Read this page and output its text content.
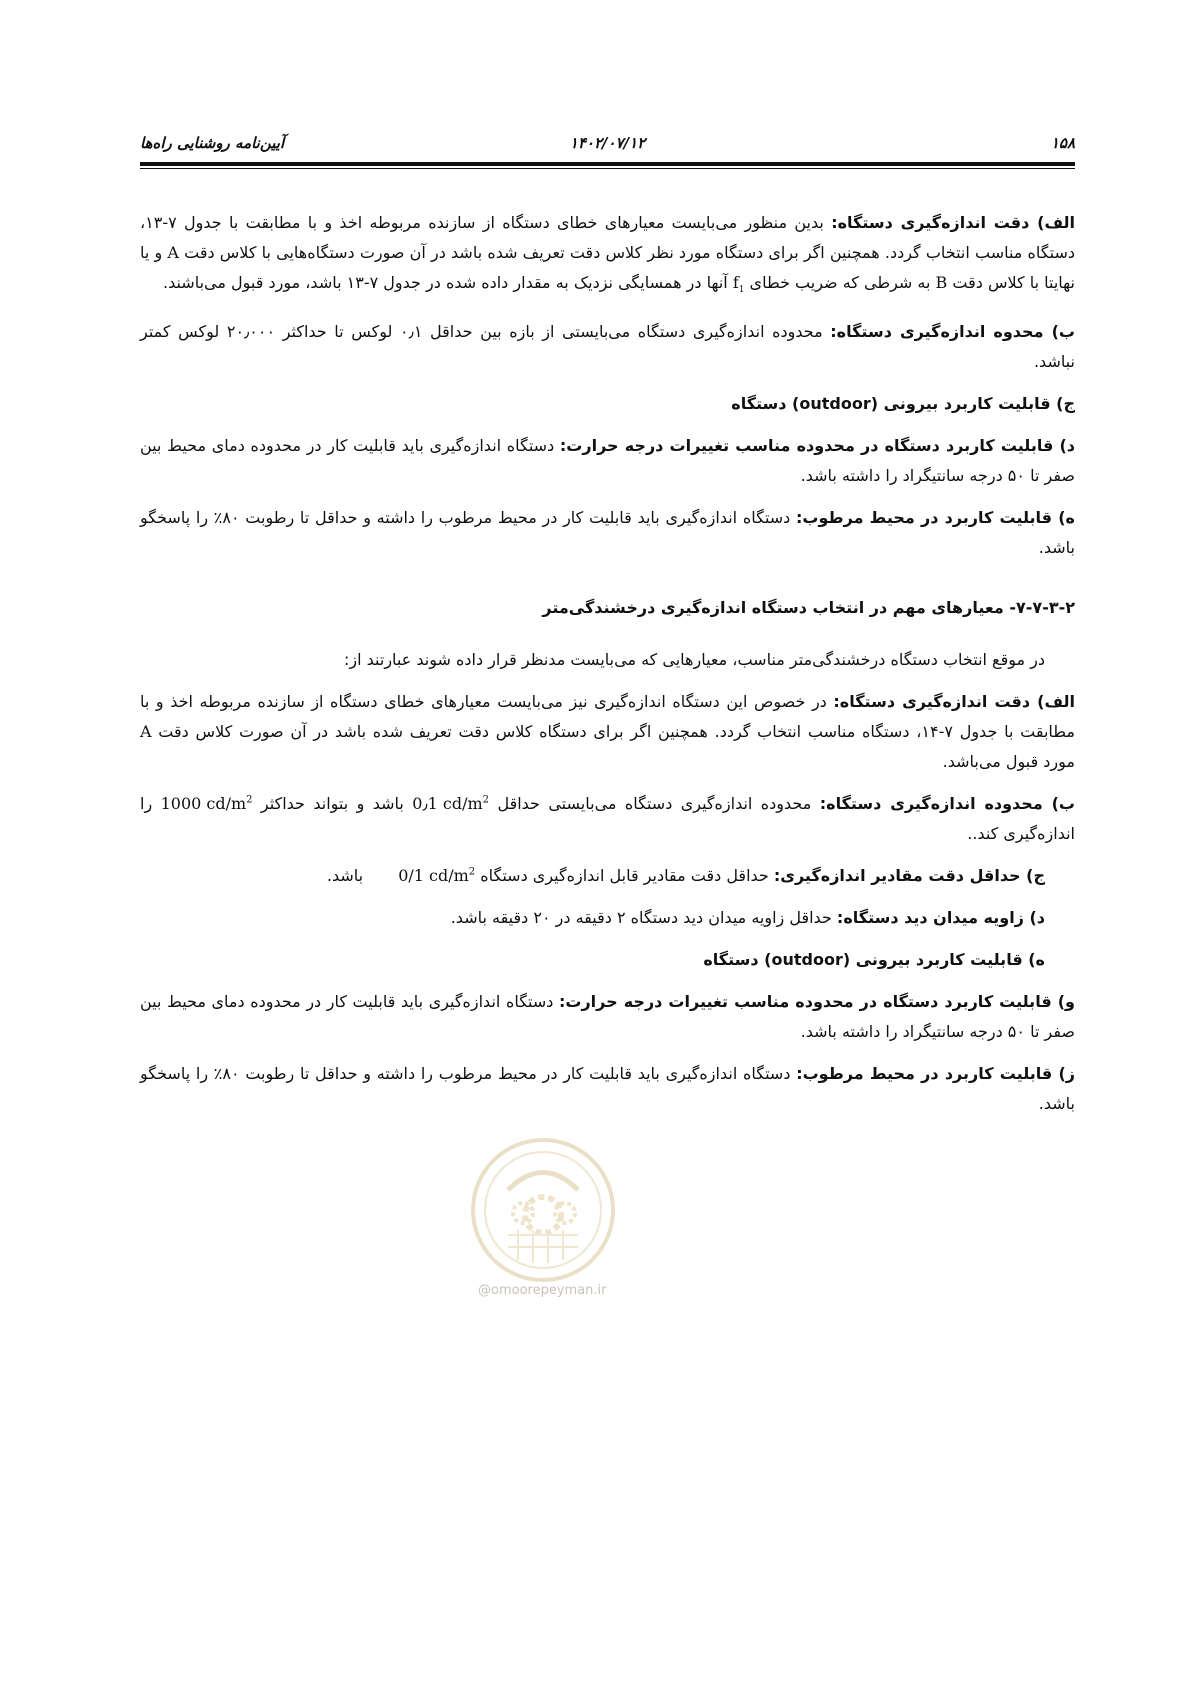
۱۵۸
۱۴۰۲/۰۷/۱۲
آیین‌نامه روشنایی راه‌ها

الف) دقت اندازه‌گیری دستگاه: بدین منظور می‌بایست معیارهای خطای دستگاه از سازنده مربوطه اخذ و با مطابقت با جدول ۷-۱۳، دستگاه مناسب انتخاب گردد. همچنین اگر برای دستگاه مورد نظر کلاس دقت تعریف شده باشد در آن صورت دستگاه‌هایی با کلاس دقت A و یا نهایتا با کلاس دقت B به شرطی که ضریب خطای $f_1$ آنها در همسایگی نزدیک به مقدار داده شده در جدول ۷-۱۳ باشد، مورد قبول می‌باشند.

ب) محدوه اندازه‌گیری دستگاه: محدوده اندازه‌گیری دستگاه می‌بایستی از بازه بین حداقل ۰٫۱ لوکس تا حداکثر ۲۰٫۰۰۰ لوکس کمتر نباشد.

ج) قابلیت کاربرد بیرونی (outdoor) دستگاه

د) قابلیت کاربرد دستگاه در محدوده مناسب تغییرات درجه حرارت: دستگاه اندازه‌گیری باید قابلیت کار در محدوده دمای محیط بین صفر تا ۵۰ درجه سانتیگراد را داشته باشد.

ه) قابلیت کاربرد در محیط مرطوب: دستگاه اندازه‌گیری باید قابلیت کار در محیط مرطوب را داشته و حداقل تا رطوبت ۸۰٪ را پاسخگو باشد.

۷-۷-۳-۲- معیارهای مهم در انتخاب دستگاه اندازه‌گیری درخشندگی‌متر

در موقع انتخاب دستگاه درخشندگی‌متر مناسب، معیارهایی که می‌بایست مدنظر قرار داده شوند عبارتند از:

الف) دقت اندازه‌گیری دستگاه: در خصوص این دستگاه اندازه‌گیری نیز می‌بایست معیارهای خطای دستگاه از سازنده مربوطه اخذ و با مطابقت با جدول ۷-۱۴، دستگاه مناسب انتخاب گردد. همچنین اگر برای دستگاه کلاس دقت تعریف شده باشد در آن صورت کلاس دقت A مورد قبول می‌باشد.

ب) محدوده اندازه‌گیری دستگاه: محدوده اندازه‌گیری دستگاه می‌بایستی حداقل 0٫1 $cd/m^2$ باشد و بتواند حداکثر 1000 $cd/m^2$ را اندازه‌گیری کند..

ج) حداقل دقت مقادیر اندازه‌گیری: حداقل دقت مقادیر قابل اندازه‌گیری دستگاه 0/1 $cd/m^2$ باشد.

د) زاویه میدان دید دستگاه: حداقل زاویه میدان دید دستگاه ۲ دقیقه در ۲۰ دقیقه باشد.

ه) قابلیت کاربرد بیرونی (outdoor) دستگاه

و) قابلیت کاربرد دستگاه در محدوده مناسب تغییرات درجه حرارت: دستگاه اندازه‌گیری باید قابلیت کار در محدوده دمای محیط بین صفر تا ۵۰ درجه سانتیگراد را داشته باشد.

ز) قابلیت کاربرد در محیط مرطوب: دستگاه اندازه‌گیری باید قابلیت کار در محیط مرطوب را داشته و حداقل تا رطوبت ۸۰٪ را پاسخگو باشد.

@omoorepeyman.ir
